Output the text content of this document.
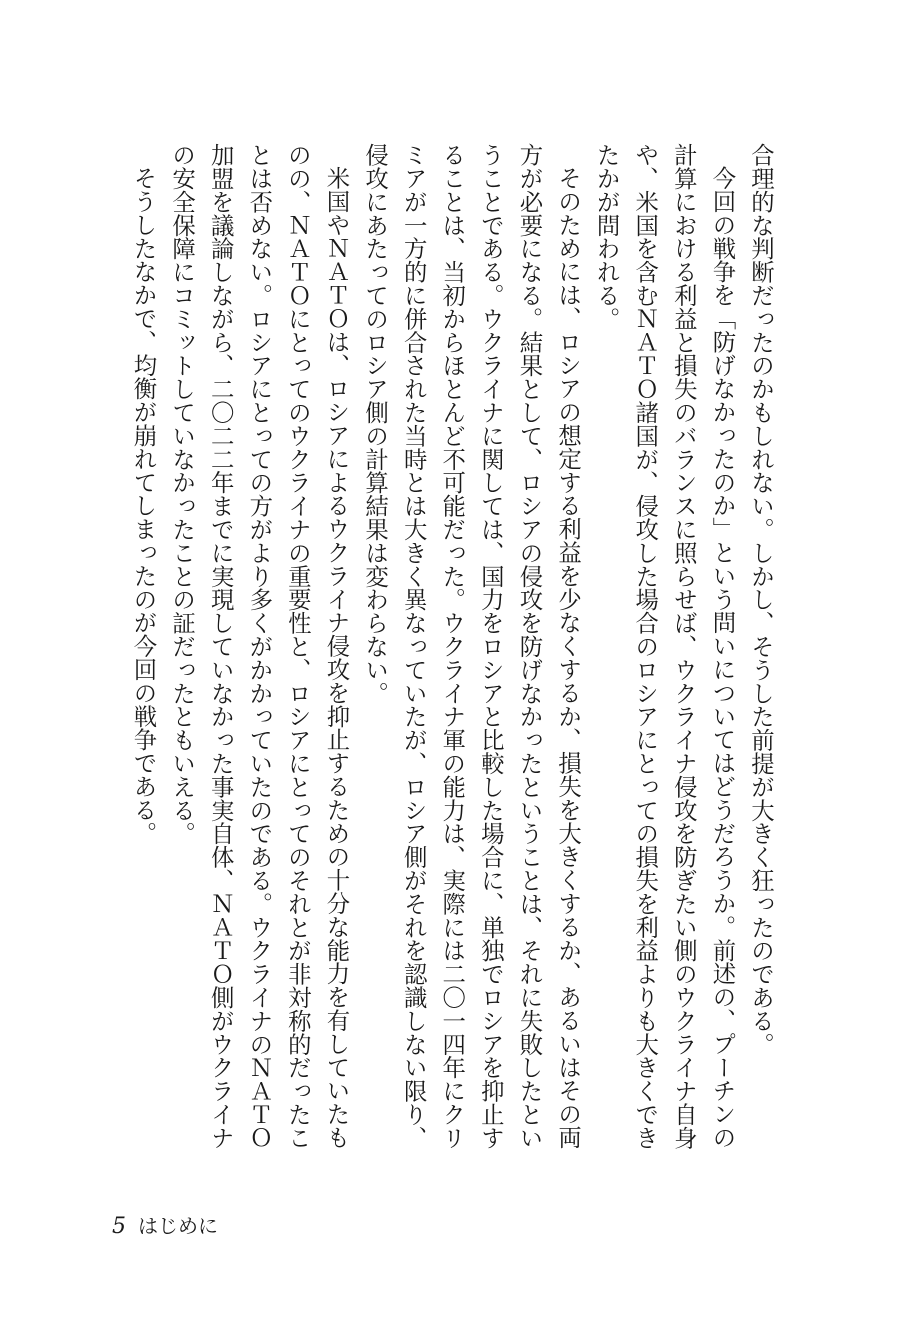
合理的な判断だったのかもしれない。しかし、そうした前提が大きく狂ったのである。
今回の戦争を「防げなかったのか」という問いについてはどうだろうか。前述の、プーチンの
計算における利益と損失のバランスに照らせば、ウクライナ侵攻を防ぎたい側のウクライナ自身
や、米国を含むＮＡＴＯ諸国が、侵攻した場合のロシアにとっての損失を利益よりも大きくでき
たかが問われる。
そのためには、ロシアの想定する利益を少なくするか、損失を大きくするか、あるいはその両
方が必要になる。結果として、ロシアの侵攻を防げなかったということは、それに失敗したとい
うことである。ウクライナに関しては、国力をロシアと比較した場合に、単独でロシアを抑止す
ることは、当初からほとんど不可能だった。ウクライナ軍の能力は、実際には二〇一四年にクリ
ミアが一方的に併合された当時とは大きく異なっていたが、ロシア側がそれを認識しない限り、
侵攻にあたってのロシア側の計算結果は変わらない。
米国やＮＡＴＯは、ロシアによるウクライナ侵攻を抑止するための十分な能力を有していたも
のの、ＮＡＴＯにとってのウクライナの重要性と、ロシアにとってのそれとが非対称的だったこ
とは否めない。ロシアにとっての方がより多くがかかっていたのである。ウクライナのＮＡＴＯ
加盟を議論しながら、二〇二二年までに実現していなかった事実自体、ＮＡＴＯ側がウクライナ
の安全保障にコミットしていなかったことの証だったともいえる。
そうしたなかで、均衡が崩れてしまったのが今回の戦争である。
5 はじめに
